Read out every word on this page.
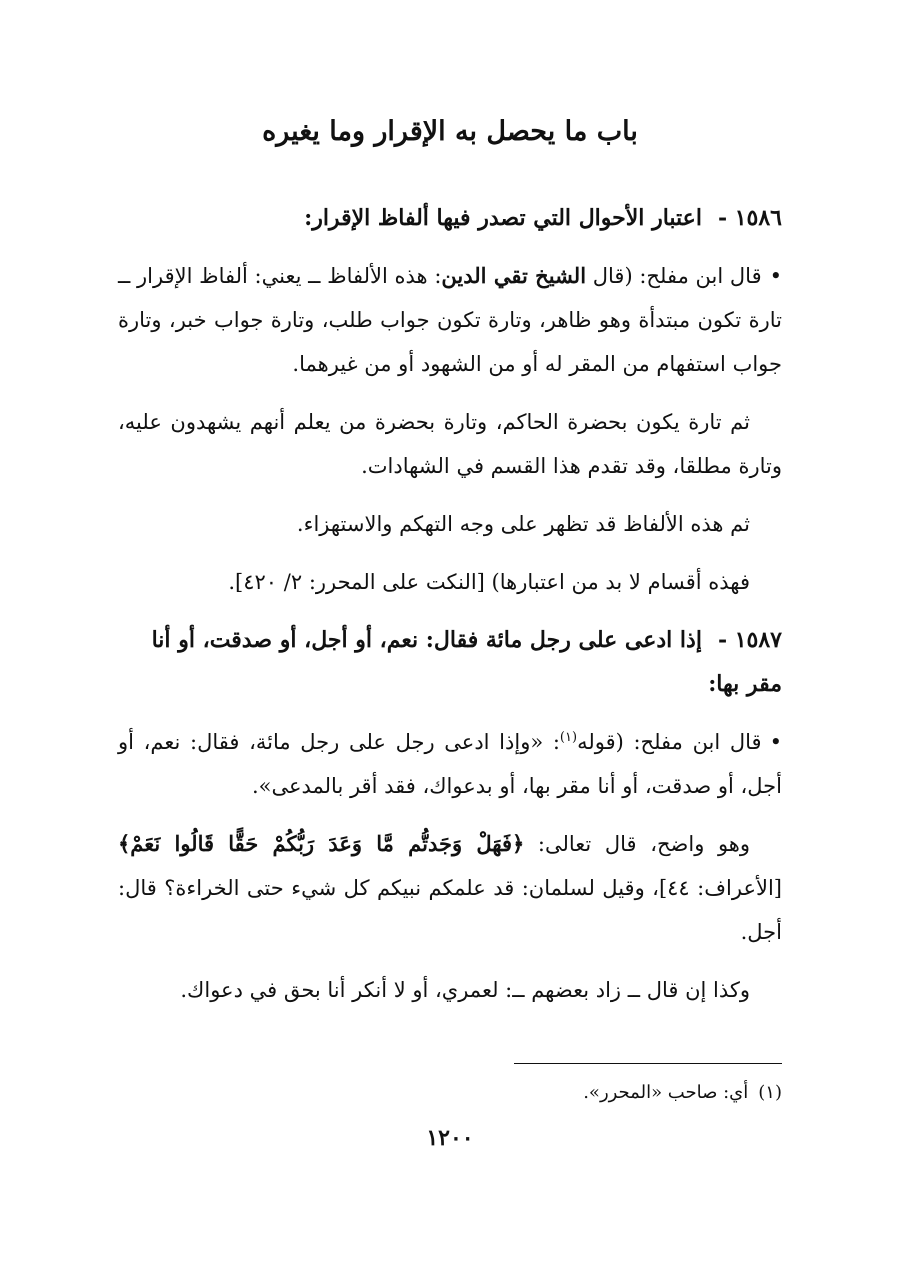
باب ما يحصل به الإقرار وما يغيره
١٥٨٦ -اعتبار الأحوال التي تصدر فيها ألفاظ الإقرار:

•قال ابن مفلح: (قال الشيخ تقي الدين: هذه الألفاظ ــ يعني: ألفاظ الإقرار ــ تارة تكون مبتدأة وهو ظاهر، وتارة تكون جواب طلب، وتارة جواب خبر، وتارة جواب استفهام من المقر له أو من الشهود أو من غيرهما.

ثم تارة يكون بحضرة الحاكم، وتارة بحضرة من يعلم أنهم يشهدون عليه، وتارة مطلقا، وقد تقدم هذا القسم في الشهادات.

ثم هذه الألفاظ قد تظهر على وجه التهكم والاستهزاء.

فهذه أقسام لا بد من اعتبارها) [النكت على المحرر: ٢/ ٤٢٠].

١٥٨٧ -إذا ادعى على رجل مائة فقال: نعم، أو أجل، أو صدقت، أو أنا مقر بها:

•قال ابن مفلح: (قوله$^{(١)}$: «وإذا ادعى رجل على رجل مائة، فقال: نعم، أو أجل، أو صدقت، أو أنا مقر بها، أو بدعواك، فقد أقر بالمدعى».

وهو واضح، قال تعالى: ﴿فَهَلْ وَجَدتُّم مَّا وَعَدَ رَبُّكُمْ حَقًّا قَالُوا نَعَمْ﴾ [الأعراف: ٤٤]، وقيل لسلمان: قد علمكم نبيكم كل شيء حتى الخراءة؟ قال: أجل.

وكذا إن قال ــ زاد بعضهم ــ: لعمري، أو لا أنكر أنا بحق في دعواك.

(١)أي: صاحب «المحرر».
١٢٠٠
